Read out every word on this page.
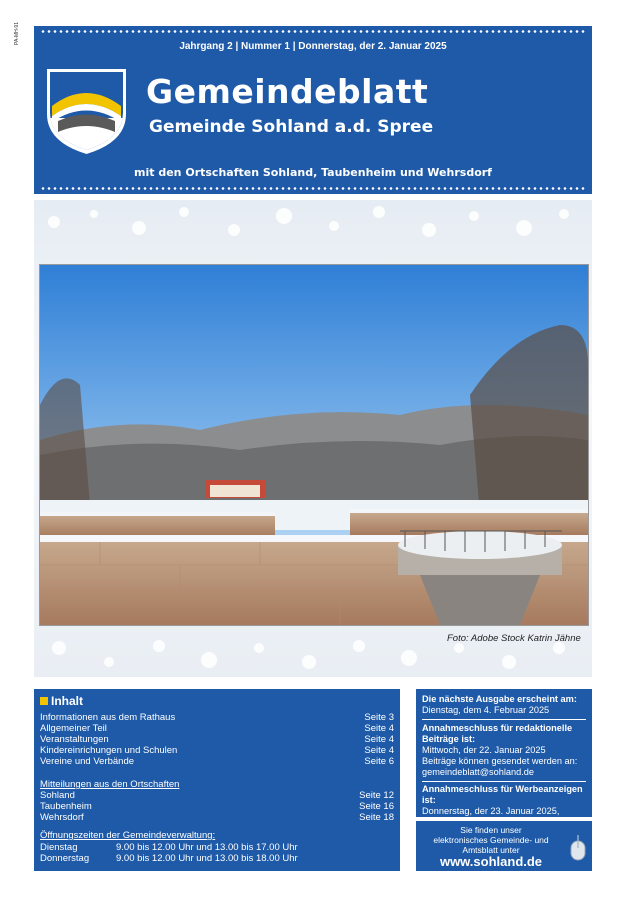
PA-MH-91
Jahrgang 2 | Nummer 1 | Donnerstag, der 2. Januar 2025
Gemeindeblatt
Gemeinde Sohland a.d. Spree
mit den Ortschaften Sohland, Taubenheim und Wehrsdorf
Foto: Adobe Stock Katrin Jähne
Inhalt
Informationen aus dem Rathaus	Seite 3
Allgemeiner Teil	Seite 4
Veranstaltungen	Seite 4
Kindereinrichungen und Schulen	Seite 4
Vereine und Verbände	Seite 6
Mitteilungen aus den Ortschaften
Sohland	Seite 12
Taubenheim	Seite 16
Wehrsdorf	Seite 18
Öffnungszeiten der Gemeindeverwaltung:
Dienstag	9.00 bis 12.00 Uhr und 13.00 bis 17.00 Uhr
Donnerstag	9.00 bis 12.00 Uhr und 13.00 bis 18.00 Uhr
Die nächste Ausgabe erscheint am:
Dienstag, dem 4. Februar 2025
Annahmeschluss für redaktionelle
Beiträge ist:
Mittwoch, der 22. Januar 2025
Beiträge können gesendet werden an:
gemeindeblatt@sohland.de
Annahmeschluss für Werbeanzeigen ist:
Donnerstag, der 23. Januar 2025,

Sie finden unser
elektronisches Gemeinde- und
Amtsblatt unter
www.sohland.de
